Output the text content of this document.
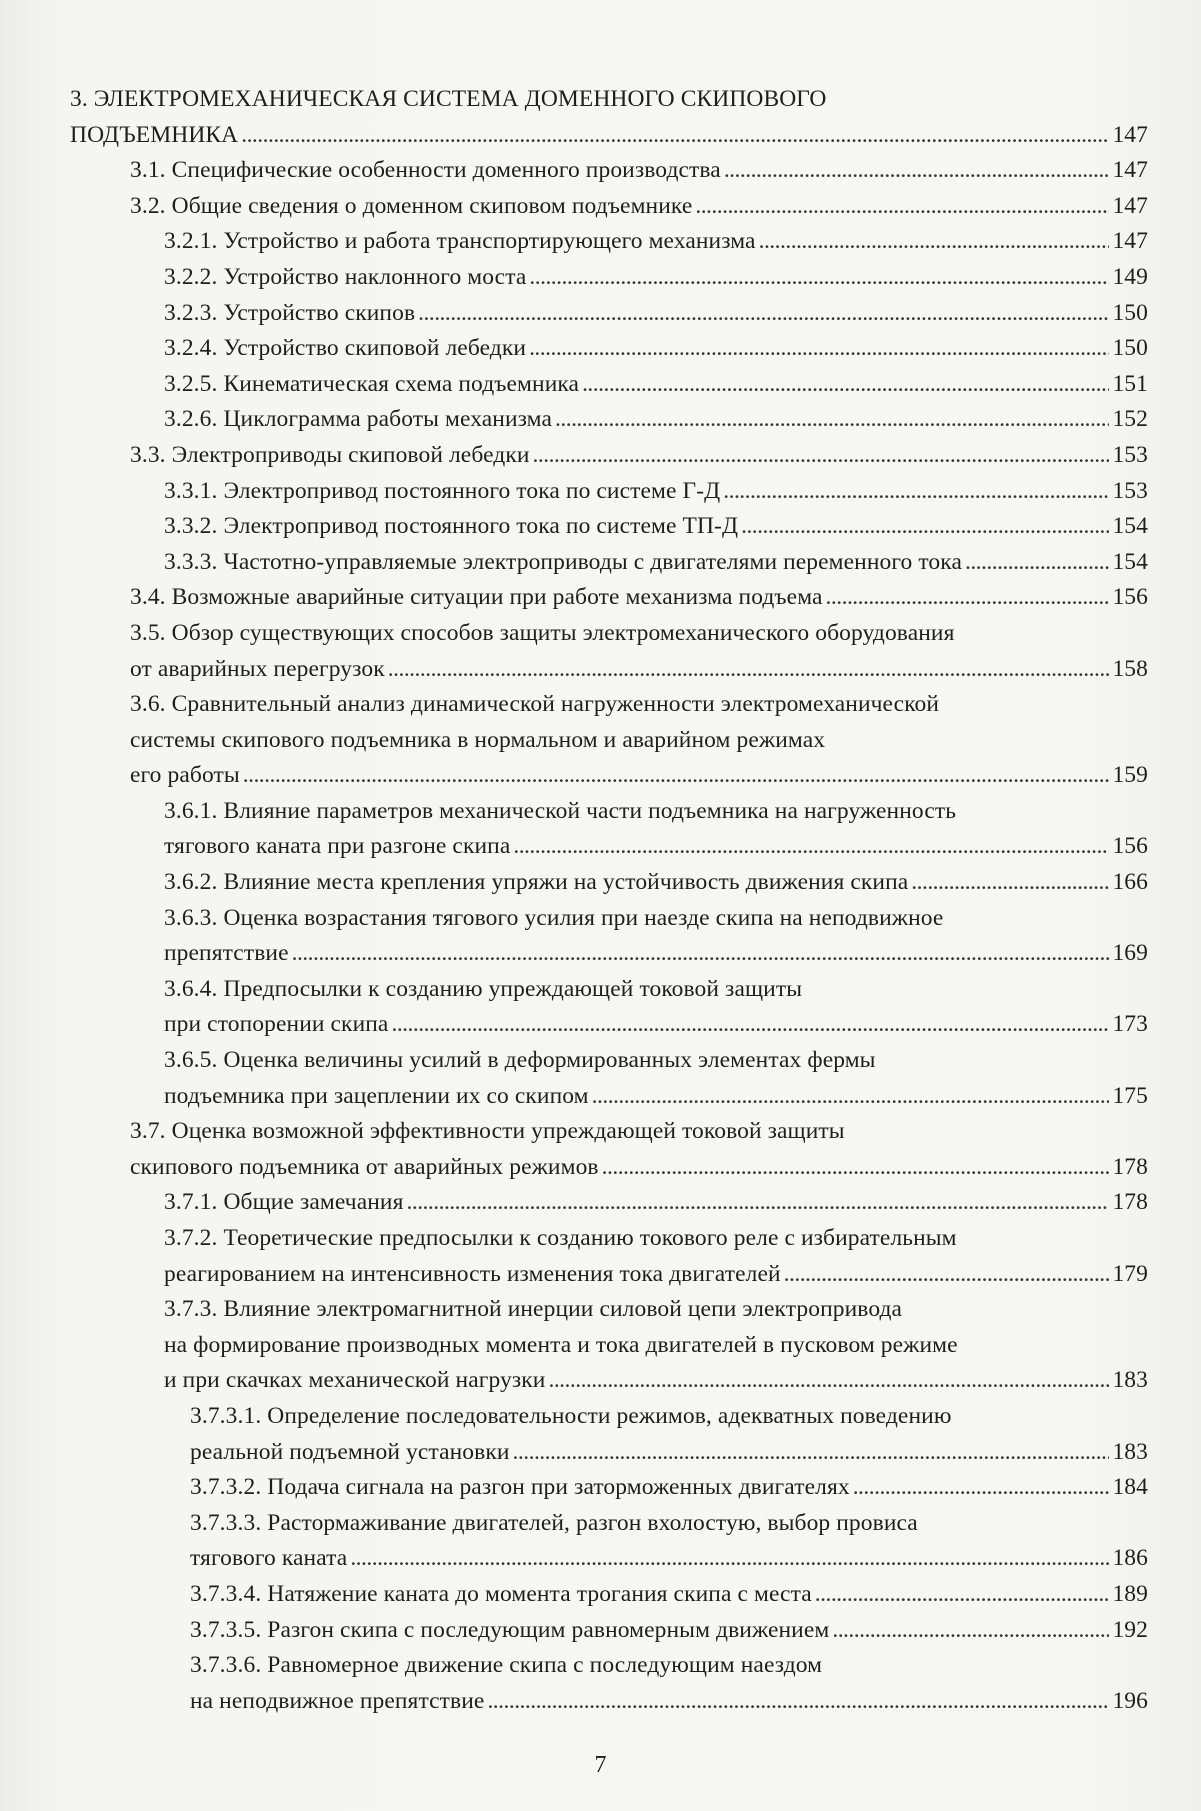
3. ЭЛЕКТРОМЕХАНИЧЕСКАЯ СИСТЕМА ДОМЕННОГО СКИПОВОГО
ПОДЪЕМНИКА . . .	147
3.1. Специфические особенности доменного производства . . .	147
3.2. Общие сведения о доменном скиповом подъемнике . . .	147
3.2.1. Устройство и работа транспортирующего механизма . . .	147
3.2.2. Устройство наклонного моста . . .	149
3.2.3. Устройство скипов . . .	150
3.2.4. Устройство скиповой лебедки . . .	150
3.2.5. Кинематическая схема подъемника . . .	151
3.2.6. Циклограмма работы механизма . . .	152
3.3. Электроприводы скиповой лебедки . . .	153
3.3.1. Электропривод постоянного тока по системе Г-Д . . .	153
3.3.2. Электропривод постоянного тока по системе ТП-Д . . .	154
3.3.3. Частотно-управляемые электроприводы с двигателями переменного тока . . .	154
3.4. Возможные аварийные ситуации при работе механизма подъема . . .	156
3.5. Обзор существующих способов защиты электромеханического оборудования
от аварийных перегрузок . . .	158
3.6. Сравнительный анализ динамической нагруженности электромеханической
системы скипового подъемника в нормальном и аварийном режимах
его работы . . .	159
3.6.1. Влияние параметров механической части подъемника на нагруженность
тягового каната при разгоне скипа . . .	156
3.6.2. Влияние места крепления упряжи на устойчивость движения скипа . . .	166
3.6.3. Оценка возрастания тягового усилия при наезде скипа на неподвижное
препятствие . . .	169
3.6.4. Предпосылки к созданию упреждающей токовой защиты
при стопорении скипа . . .	173
3.6.5. Оценка величины усилий в деформированных элементах фермы
подъемника при зацеплении их со скипом . . .	175
3.7. Оценка возможной эффективности упреждающей токовой защиты
скипового подъемника от аварийных режимов . . .	178
3.7.1. Общие замечания . . .	178
3.7.2. Теоретические предпосылки к созданию токового реле с избирательным
реагированием на интенсивность изменения тока двигателей . . .	179
3.7.3. Влияние электромагнитной инерции силовой цепи электропривода
на формирование производных момента и тока двигателей в пусковом режиме
и при скачках механической нагрузки . . .	183
3.7.3.1. Определение последовательности режимов, адекватных поведению
реальной подъемной установки . . .	183
3.7.3.2. Подача сигнала на разгон при заторможенных двигателях . . .	184
3.7.3.3. Растормаживание двигателей, разгон вхолостую, выбор провиса
тягового каната . . .	186
3.7.3.4. Натяжение каната до момента трогания скипа с места . . .	189
3.7.3.5. Разгон скипа с последующим равномерным движением . . .	192
3.7.3.6. Равномерное движение скипа с последующим наездом
на неподвижное препятствие . . .	196
7
